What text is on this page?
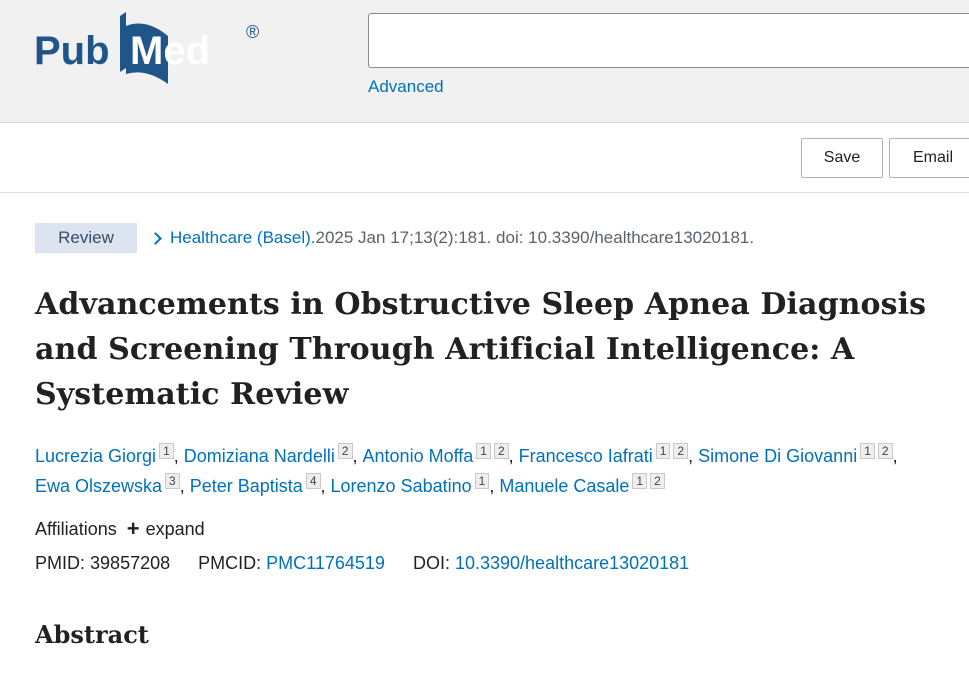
Pub Med ®
Advanced
Save	Email
Review	Healthcare (Basel). 2025 Jan 17;13(2):181. doi: 10.3390/healthcare13020181.
Advancements in Obstructive Sleep Apnea Diagnosis and Screening Through Artificial Intelligence: A Systematic Review
Lucrezia Giorgi 1 , Domiziana Nardelli 2 , Antonio Moffa 1 2 , Francesco Iafrati 1 2 , Simone Di Giovanni 1 2 , Ewa Olszewska 3 , Peter Baptista 4 , Lorenzo Sabatino 1 , Manuele Casale 1 2
Affiliations + expand
PMID: 39857208 PMCID: PMC11764519 DOI: 10.3390/healthcare13020181
Abstract
